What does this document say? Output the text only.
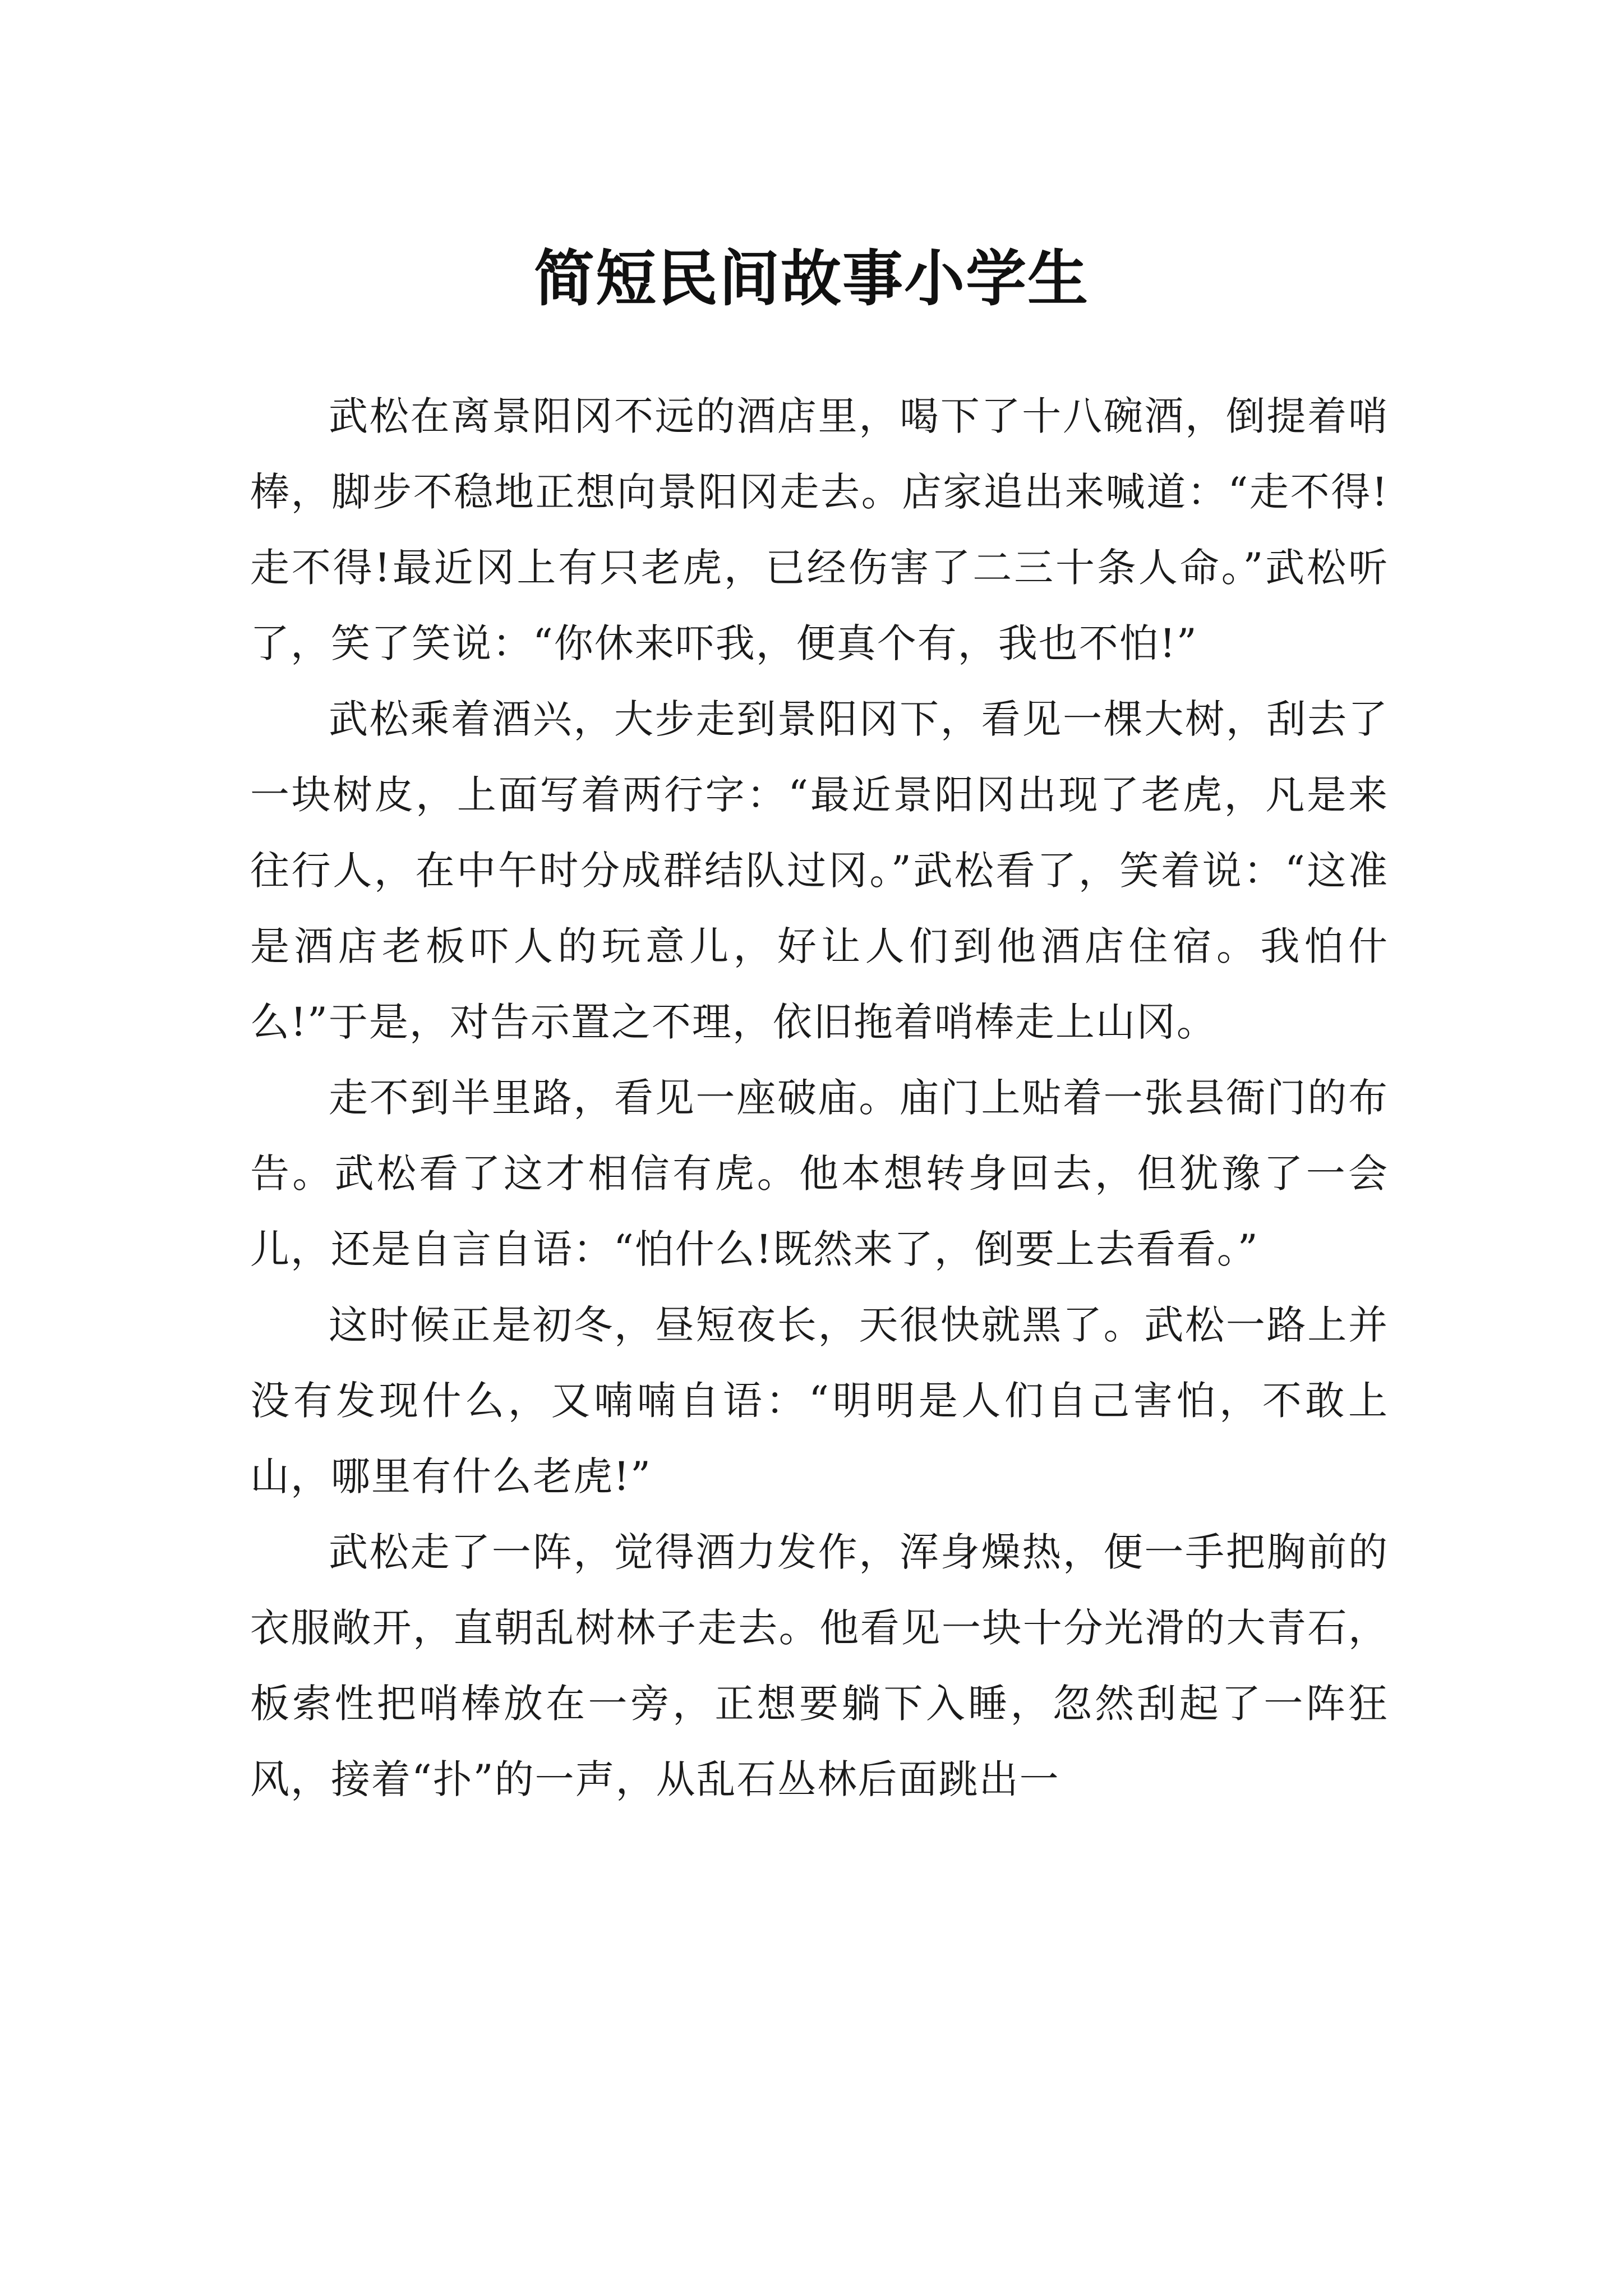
简短民间故事小学生

武松在离景阳冈不远的酒店里，喝下了十八碗酒，倒提着哨棒，脚步不稳地正想向景阳冈走去。店家追出来喊道：“走不得!走不得!最近冈上有只老虎，已经伤害了二三十条人命。”武松听了，笑了笑说：“你休来吓我，便真个有，我也不怕!”

武松乘着酒兴，大步走到景阳冈下，看见一棵大树，刮去了一块树皮，上面写着两行字：“最近景阳冈出现了老虎，凡是来往行人，在中午时分成群结队过冈。”武松看了，笑着说：“这准是酒店老板吓人的玩意儿，好让人们到他酒店住宿。我怕什么!”于是，对告示置之不理，依旧拖着哨棒走上山冈。

走不到半里路，看见一座破庙。庙门上贴着一张县衙门的布告。武松看了这才相信有虎。他本想转身回去，但犹豫了一会儿，还是自言自语：“怕什么!既然来了，倒要上去看看。”

这时候正是初冬，昼短夜长，天很快就黑了。武松一路上并没有发现什么，又喃喃自语：“明明是人们自己害怕，不敢上山，哪里有什么老虎!”

武松走了一阵，觉得酒力发作，浑身燥热，便一手把胸前的衣服敞开，直朝乱树林子走去。他看见一块十分光滑的大青石，板索性把哨棒放在一旁，正想要躺下入睡，忽然刮起了一阵狂风，接着“扑”的一声，从乱石丛林后面跳出一
